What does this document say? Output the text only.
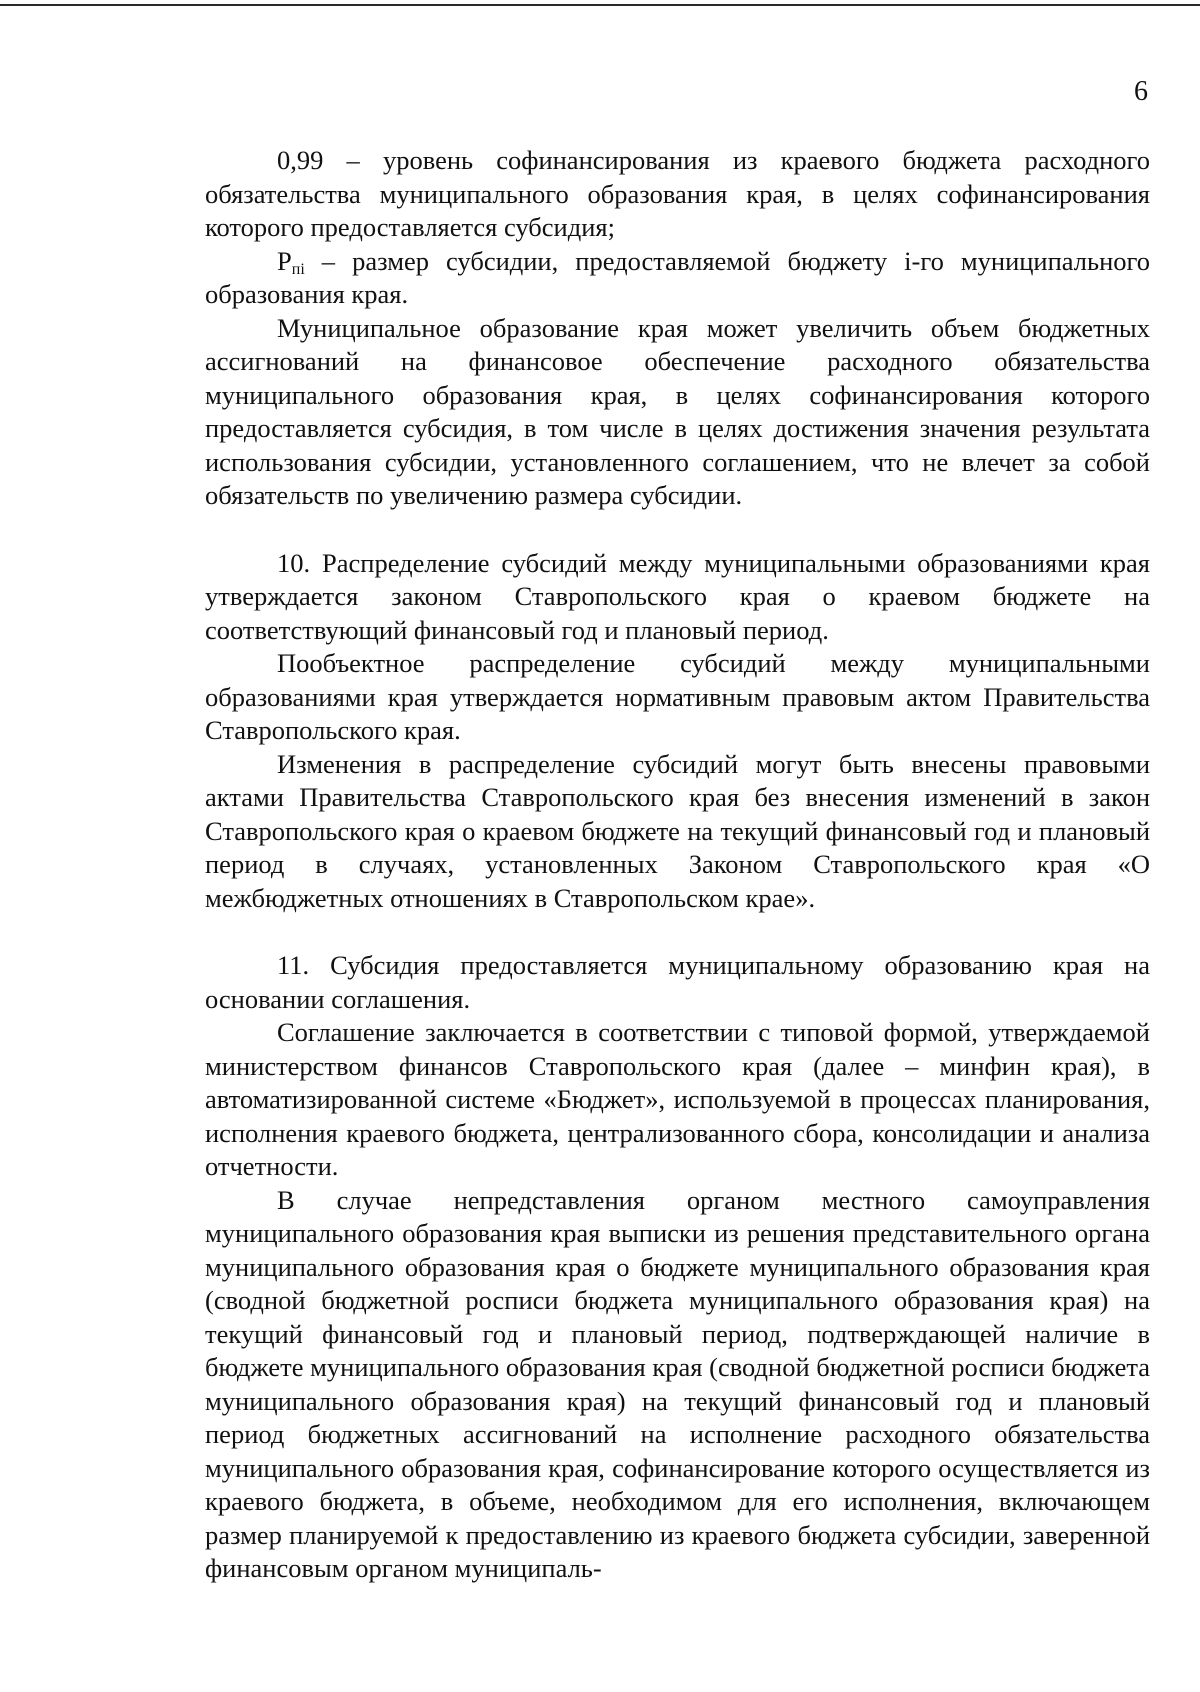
6

0,99 – уровень софинансирования из краевого бюджета расходного обязательства муниципального образования края, в целях софинансирования которого предоставляется субсидия;

$P_{пi}$ – размер субсидии, предоставляемой бюджету i-го муниципального образования края.

Муниципальное образование края может увеличить объем бюджетных ассигнований на финансовое обеспечение расходного обязательства муниципального образования края, в целях софинансирования которого предоставляется субсидия, в том числе в целях достижения значения результата использования субсидии, установленного соглашением, что не влечет за собой обязательств по увеличению размера субсидии.

10. Распределение субсидий между муниципальными образованиями края утверждается законом Ставропольского края о краевом бюджете на соответствующий финансовый год и плановый период.

Пообъектное распределение субсидий между муниципальными образованиями края утверждается нормативным правовым актом Правительства Ставропольского края.

Изменения в распределение субсидий могут быть внесены правовыми актами Правительства Ставропольского края без внесения изменений в закон Ставропольского края о краевом бюджете на текущий финансовый год и плановый период в случаях, установленных Законом Ставропольского края «О межбюджетных отношениях в Ставропольском крае».

11. Субсидия предоставляется муниципальному образованию края на основании соглашения.

Соглашение заключается в соответствии с типовой формой, утверждаемой министерством финансов Ставропольского края (далее – минфин края), в автоматизированной системе «Бюджет», используемой в процессах планирования, исполнения краевого бюджета, централизованного сбора, консолидации и анализа отчетности.

В случае непредставления органом местного самоуправления муниципального образования края выписки из решения представительного органа муниципального образования края о бюджете муниципального образования края (сводной бюджетной росписи бюджета муниципального образования края) на текущий финансовый год и плановый период, подтверждающей наличие в бюджете муниципального образования края (сводной бюджетной росписи бюджета муниципального образования края) на текущий финансовый год и плановый период бюджетных ассигнований на исполнение расходного обязательства муниципального образования края, софинансирование которого осуществляется из краевого бюджета, в объеме, необходимом для его исполнения, включающем размер планируемой к предоставлению из краевого бюджета субсидии, заверенной финансовым органом муниципаль-
